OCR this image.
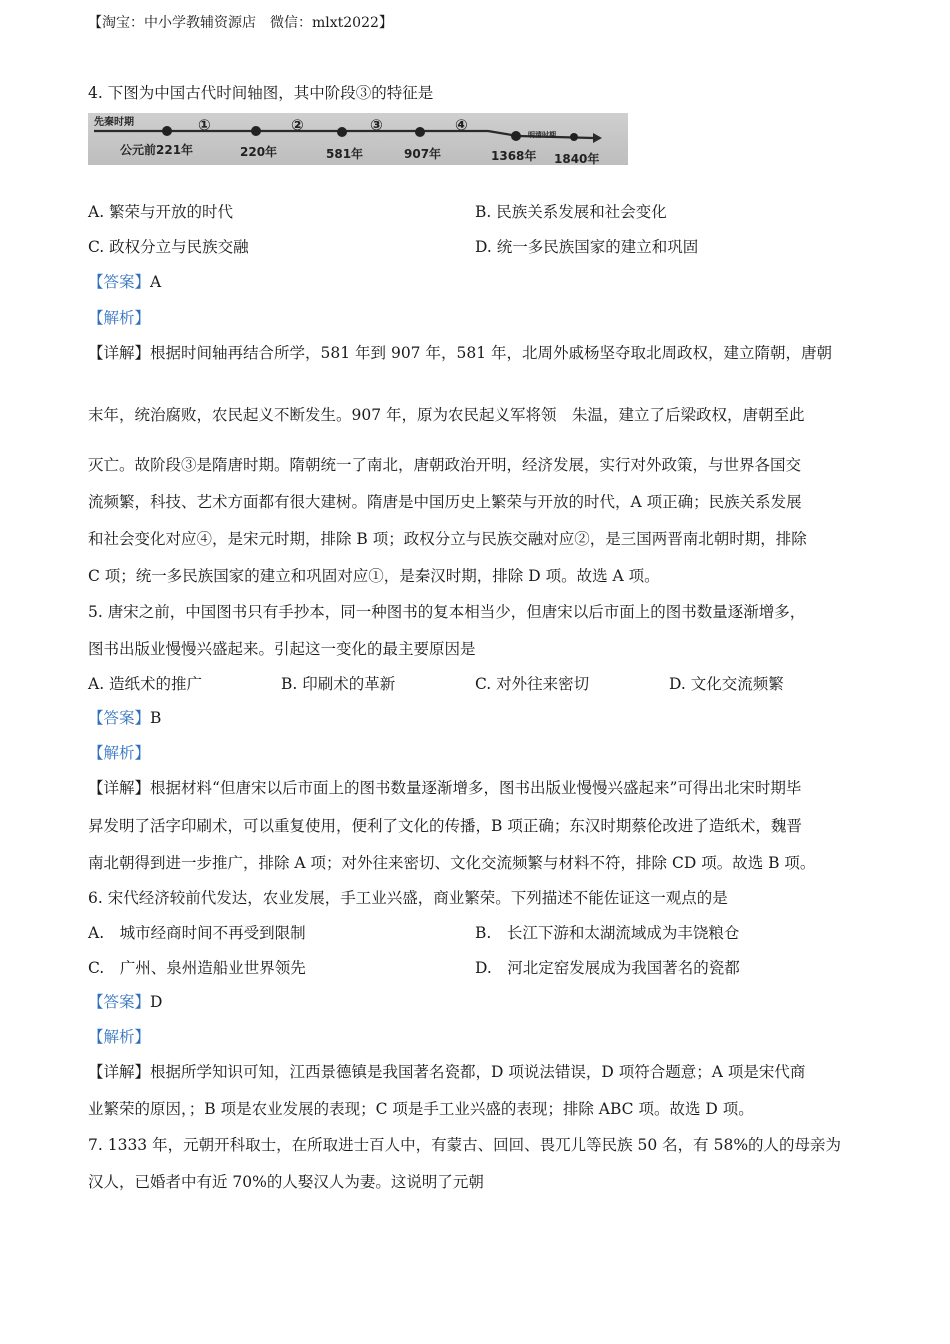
【淘宝：中小学教辅资源店　微信：mlxt2022】
4. 下图为中国古代时间轴图，其中阶段③的特征是
先秦时期
明清时期
①	②	③	④
公元前221年	220年	581年	907年	1368年 1840年
A. 繁荣与开放的时代	B. 民族关系发展和社会变化
C. 政权分立与民族交融	D. 统一多民族国家的建立和巩固
【答案】A
【解析】
【详解】根据时间轴再结合所学，581 年到 907 年，581 年，北周外戚杨坚夺取北周政权，建立隋朝，唐朝
末年，统治腐败，农民起义不断发生。907 年，原为农民起义军将领　朱温，建立了后梁政权，唐朝至此
灭亡。故阶段③是隋唐时期。隋朝统一了南北，唐朝政治开明，经济发展，实行对外政策，与世界各国交
流频繁，科技、艺术方面都有很大建树。隋唐是中国历史上繁荣与开放的时代，A 项正确；民族关系发展
和社会变化对应④，是宋元时期，排除 B 项；政权分立与民族交融对应②，是三国两晋南北朝时期，排除
C 项；统一多民族国家的建立和巩固对应①，是秦汉时期，排除 D 项。故选 A 项。
5. 唐宋之前，中国图书只有手抄本，同一种图书的复本相当少，但唐宋以后市面上的图书数量逐渐增多，
图书出版业慢慢兴盛起来。引起这一变化的最主要原因是
A. 造纸术的推广	B. 印刷术的革新	C. 对外往来密切	D. 文化交流频繁
【答案】B
【解析】
【详解】根据材料“但唐宋以后市面上的图书数量逐渐增多，图书出版业慢慢兴盛起来”可得出北宋时期毕
昇发明了活字印刷术，可以重复使用，便利了文化的传播，B 项正确；东汉时期蔡伦改进了造纸术，魏晋
南北朝得到进一步推广，排除 A 项；对外往来密切、文化交流频繁与材料不符，排除 CD 项。故选 B 项。
6. 宋代经济较前代发达，农业发展，手工业兴盛，商业繁荣。下列描述不能佐证这一观点的是
A.　城市经商时间不再受到限制	B.　长江下游和太湖流域成为丰饶粮仓
C.　广州、泉州造船业世界领先	D.　河北定窑发展成为我国著名的瓷都
【答案】D
【解析】
【详解】根据所学知识可知，江西景德镇是我国著名瓷都，D 项说法错误，D 项符合题意；A 项是宋代商
业繁荣的原因，；B 项是农业发展的表现；C 项是手工业兴盛的表现；排除 ABC 项。故选 D 项。
7. 1333 年，元朝开科取士，在所取进士百人中，有蒙古、回回、畏兀儿等民族 50 名，有 58%的人的母亲为
汉人，已婚者中有近 70%的人娶汉人为妻。这说明了元朝
